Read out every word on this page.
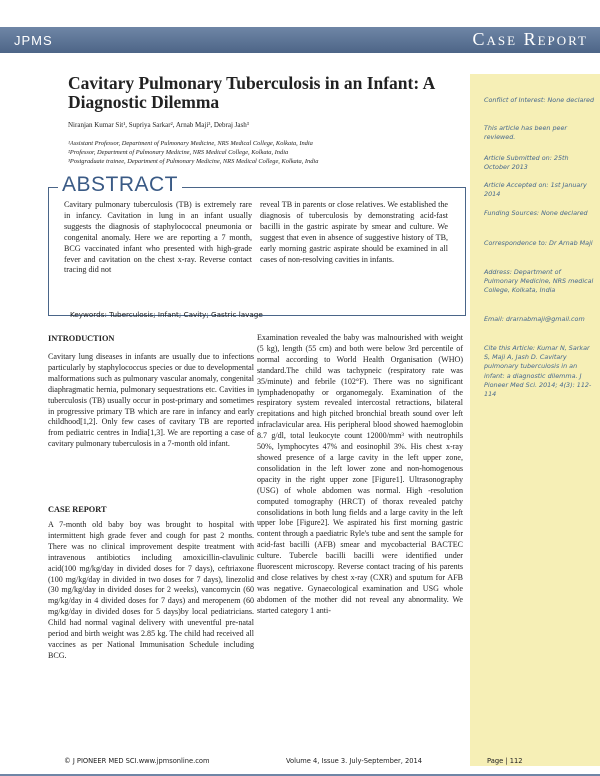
JPMS	Case Report
Conflict of Interest: None declared
This article has been peer reviewed.
Article Submitted on: 25th October 2013
Article Accepted on: 1st January 2014
Funding Sources: None declared
Correspondence to: Dr Arnab Maji
Address: Department of Pulmonary Medicine, NRS medical College, Kolkata, India
Email: drarnabmaji@gmail.com
Cite this Article: Kumar N, Sarkar S, Maji A, Jash D. Cavitary pulmonary tuberculosis in an infant: a diagnostic dilemma. J Pioneer Med Sci. 2014; 4(3): 112-114
Cavitary Pulmonary Tuberculosis in an Infant: A Diagnostic Dilemma
Niranjan Kumar Sit¹, Supriya Sarkar², Arnab Maji³, Debraj Jash³
¹Assistant Professor, Department of Pulmonary Medicine, NRS Medical College, Kolkata, India
²Professor, Department of Pulmonary Medicine, NRS Medical College, Kolkata, India
³Postgraduate trainee, Department of Pulmonary Medicine, NRS Medical College, Kolkata, India
ABSTRACT
Cavitary pulmonary tuberculosis (TB) is extremely rare in infancy. Cavitation in lung in an infant usually suggests the diagnosis of staphylococcal pneumonia or congenital anomaly. Here we are reporting a 7 month, BCG vaccinated infant who presented with high-grade fever and cavitation on the chest x-ray. Reverse contact tracing did not
reveal TB in parents or close relatives. We established the diagnosis of tuberculosis by demonstrating acid-fast bacilli in the gastric aspirate by smear and culture. We suggest that even in absence of suggestive history of TB, early morning gastric aspirate should be examined in all cases of non-resolving cavities in infants.
Keywords: Tuberculosis; Infant; Cavity; Gastric lavage
INTRODUCTION
Cavitary lung diseases in infants are usually due to infections particularly by staphylococcus species or due to developmental malformations such as pulmonary vascular anomaly, congenital diaphragmatic hernia, pulmonary sequestrations etc. Cavities in tuberculosis (TB) usually occur in post-primary and sometimes in progressive primary TB which are rare in infancy and early childhood[1,2]. Only few cases of cavitary TB are reported from pediatric centres in India[1,3]. We are reporting a case of cavitary pulmonary tuberculosis in a 7-month old infant.
CASE REPORT
A 7-month old baby boy was brought to hospital with intermittent high grade fever and cough for past 2 months. There was no clinical improvement despite treatment with intravenous antibiotics including amoxicillin-clavulinic acid(100 mg/kg/day in divided doses for 7 days), ceftriaxone (100 mg/kg/day in divided in two doses for 7 days), linezolid (30 mg/kg/day in divided doses for 2 weeks), vancomycin (60 mg/kg/day in 4 divided doses for 7 days) and meropenem (60 mg/kg/day in divided doses for 5 days)by local pediatricians. Child had normal vaginal delivery with uneventful pre-natal period and birth weight was 2.85 kg. The child had received all vaccines as per National Immunisation Schedule including BCG.
Examination revealed the baby was malnourished with weight (5 kg), length (55 cm) and both were below 3rd percentile of normal according to World Health Organisation (WHO) standard.The child was tachypneic (respiratory rate was 35/minute) and febrile (102°F). There was no significant lymphadenopathy or organomegaly. Examination of the respiratory system revealed intercostal retractions, bilateral crepitations and high pitched bronchial breath sound over left infraclavicular area. His peripheral blood showed haemoglobin 8.7 g/dl, total leukocyte count 12000/mm³ with neutrophils 50%, lymphocytes 47% and eosinophil 3%. His chest x-ray showed presence of a large cavity in the left upper zone, consolidation in the left lower zone and non-homogenous opacity in the right upper zone [Figure1]. Ultrasonography (USG) of whole abdomen was normal. High -resolution computed tomography (HRCT) of thorax revealed patchy consolidations in both lung fields and a large cavity in the left upper lobe [Figure2]. We aspirated his first morning gastric content through a paediatric Ryle's tube and sent the sample for acid-fast bacilli (AFB) smear and mycobacterial BACTEC culture. Tubercle bacilli bacilli were identified under fluorescent microscopy. Reverse contact tracing of his parents and close relatives by chest x-ray (CXR) and sputum for AFB was negative. Gynaecological examination and USG whole abdomen of the mother did not reveal any abnormality. We started category 1 anti-
© J PIONEER MED SCI.www.jpmsonline.com	Volume 4, Issue 3. July-September, 2014	Page | 112
